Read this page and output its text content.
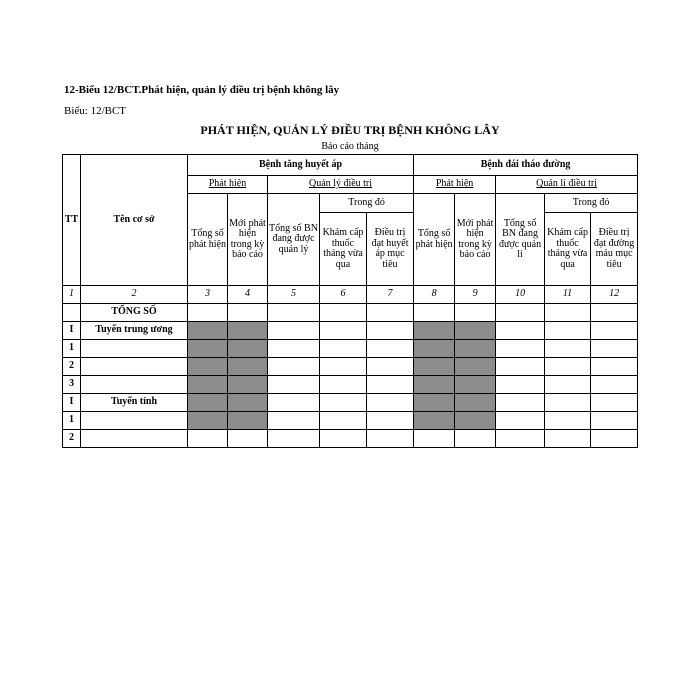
12-Biểu 12/BCT.Phát hiện, quản lý điều trị bệnh không lây
Biểu: 12/BCT
PHÁT HIỆN, QUẢN LÝ ĐIỀU TRỊ BỆNH KHÔNG LÂY
Báo cáo tháng
TT	Tên cơ sở	Bệnh tăng huyết áp					Bệnh đái tháo đường				
		Phát hiện		Quản lý điều trị			Phát hiện		Quản lí điều trị		
		Tổng số phát hiện	Mới phát hiện trong kỳ báo cáo	Tổng số BN đang được quản lý	Trong đó		Tổng số phát hiện	Mới phát hiện trong kỳ báo cáo	Tổng số BN đang được quản lí	Trong đó	
					Khám cấp thuốc tháng vừa qua	Điều trị đạt huyết áp mục tiêu				Khám cấp thuốc tháng vừa qua	Điều trị đạt đường máu mục tiêu
1	2	3	4	5	6	7	8	9	10	11	12
	TỔNG SỐ										
I	Tuyến trung ương										
1											
2											
3											
I	Tuyến tỉnh										
1											
2											
